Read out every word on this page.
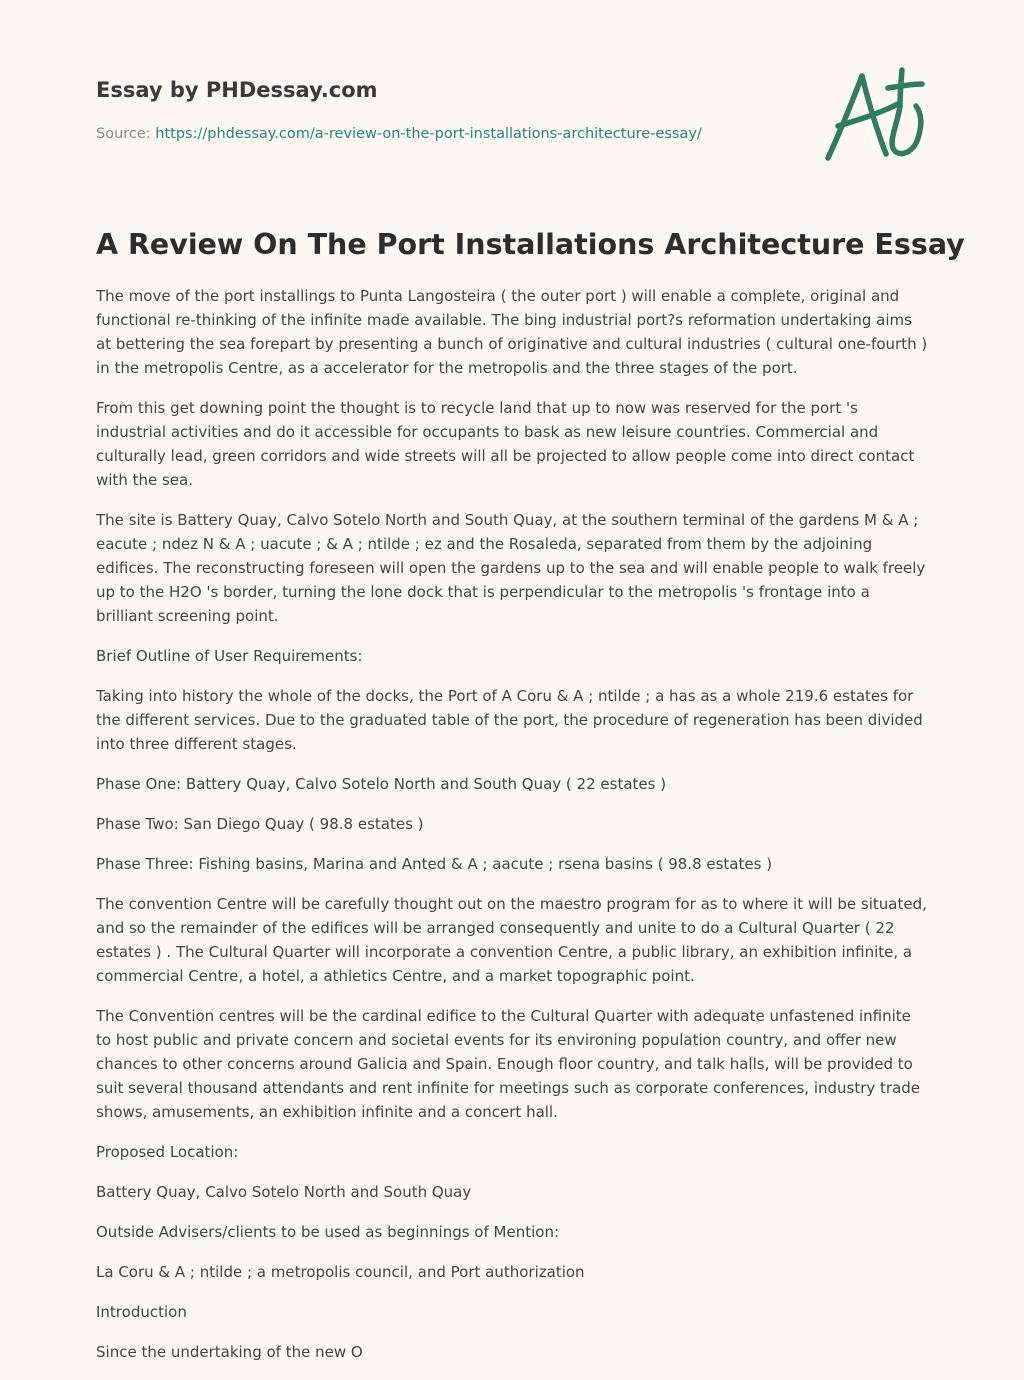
Essay by PHDessay.com
Source: https://phdessay.com/a-review-on-the-port-installations-architecture-essay/
A Review On The Port Installations Architecture Essay

The move of the port installings to Punta Langosteira ( the outer port ) will enable a complete, original and functional re-thinking of the infinite made available. The bing industrial port?s reformation undertaking aims at bettering the sea forepart by presenting a bunch of originative and cultural industries ( cultural one-fourth ) in the metropolis Centre, as a accelerator for the metropolis and the three stages of the port.

From this get downing point the thought is to recycle land that up to now was reserved for the port 's industrial activities and do it accessible for occupants to bask as new leisure countries. Commercial and culturally lead, green corridors and wide streets will all be projected to allow people come into direct contact with the sea.

The site is Battery Quay, Calvo Sotelo North and South Quay, at the southern terminal of the gardens M & A ; eacute ; ndez N & A ; uacute ; & A ; ntilde ; ez and the Rosaleda, separated from them by the adjoining edifices. The reconstructing foreseen will open the gardens up to the sea and will enable people to walk freely up to the H2O 's border, turning the lone dock that is perpendicular to the metropolis 's frontage into a brilliant screening point.

Brief Outline of User Requirements:

Taking into history the whole of the docks, the Port of A Coru & A ; ntilde ; a has as a whole 219.6 estates for the different services. Due to the graduated table of the port, the procedure of regeneration has been divided into three different stages.

Phase One: Battery Quay, Calvo Sotelo North and South Quay ( 22 estates )

Phase Two: San Diego Quay ( 98.8 estates )

Phase Three: Fishing basins, Marina and Anted & A ; aacute ; rsena basins ( 98.8 estates )

The convention Centre will be carefully thought out on the maestro program for as to where it will be situated, and so the remainder of the edifices will be arranged consequently and unite to do a Cultural Quarter ( 22 estates ) . The Cultural Quarter will incorporate a convention Centre, a public library, an exhibition infinite, a commercial Centre, a hotel, a athletics Centre, and a market topographic point.

The Convention centres will be the cardinal edifice to the Cultural Quarter with adequate unfastened infinite to host public and private concern and societal events for its environing population country, and offer new chances to other concerns around Galicia and Spain. Enough floor country, and talk halls, will be provided to suit several thousand attendants and rent infinite for meetings such as corporate conferences, industry trade shows, amusements, an exhibition infinite and a concert hall.

Proposed Location:

Battery Quay, Calvo Sotelo North and South Quay

Outside Advisers/clients to be used as beginnings of Mention:

La Coru & A ; ntilde ; a metropolis council, and Port authorization

Introduction

Since the undertaking of the new O
